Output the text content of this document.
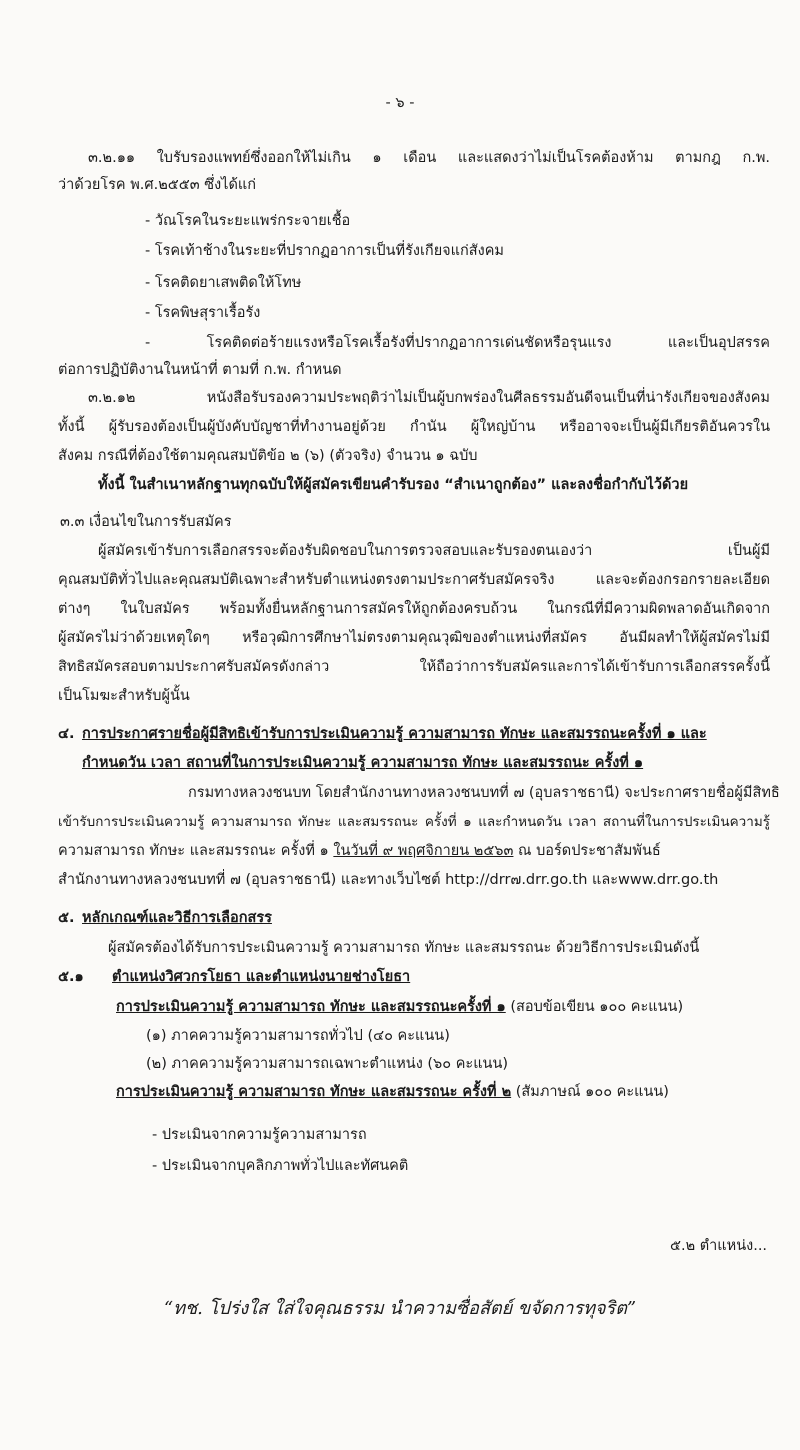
- ๖ -
๓.๒.๑๑ ใบรับรองแพทย์ซึ่งออกให้ไม่เกิน ๑ เดือน และแสดงว่าไม่เป็นโรคต้องห้าม ตามกฎ ก.พ.
ว่าด้วยโรค พ.ศ.๒๕๕๓ ซึ่งได้แก่
- วัณโรคในระยะแพร่กระจายเชื้อ
- โรคเท้าช้างในระยะที่ปรากฏอาการเป็นที่รังเกียจแก่สังคม
- โรคติดยาเสพติดให้โทษ
- โรคพิษสุราเรื้อรัง
- โรคติดต่อร้ายแรงหรือโรคเรื้อรังที่ปรากฏอาการเด่นชัดหรือรุนแรง และเป็นอุปสรรค
ต่อการปฏิบัติงานในหน้าที่ ตามที่ ก.พ. กำหนด
๓.๒.๑๒ หนังสือรับรองความประพฤติว่าไม่เป็นผู้บกพร่องในศีลธรรมอันดีจนเป็นที่น่ารังเกียจของสังคม
ทั้งนี้ ผู้รับรองต้องเป็นผู้บังคับบัญชาที่ทำงานอยู่ด้วย กำนัน ผู้ใหญ่บ้าน หรืออาจจะเป็นผู้มีเกียรติอันควรใน
สังคม กรณีที่ต้องใช้ตามคุณสมบัติข้อ ๒ (๖) (ตัวจริง) จำนวน ๑ ฉบับ
ทั้งนี้ ในสำเนาหลักฐานทุกฉบับให้ผู้สมัครเขียนคำรับรอง “สำเนาถูกต้อง” และลงชื่อกำกับไว้ด้วย
๓.๓ เงื่อนไขในการรับสมัคร
ผู้สมัครเข้ารับการเลือกสรรจะต้องรับผิดชอบในการตรวจสอบและรับรองตนเองว่า เป็นผู้มี
คุณสมบัติทั่วไปและคุณสมบัติเฉพาะสำหรับตำแหน่งตรงตามประกาศรับสมัครจริง และจะต้องกรอกรายละเอียด
ต่างๆ ในใบสมัคร พร้อมทั้งยื่นหลักฐานการสมัครให้ถูกต้องครบถ้วน ในกรณีที่มีความผิดพลาดอันเกิดจาก
ผู้สมัครไม่ว่าด้วยเหตุใดๆ หรือวุฒิการศึกษาไม่ตรงตามคุณวุฒิของตำแหน่งที่สมัคร อันมีผลทำให้ผู้สมัครไม่มี
สิทธิสมัครสอบตามประกาศรับสมัครดังกล่าว ให้ถือว่าการรับสมัครและการได้เข้ารับการเลือกสรรครั้งนี้
เป็นโมฆะสำหรับผู้นั้น
๔. การประกาศรายชื่อผู้มีสิทธิเข้ารับการประเมินความรู้ ความสามารถ ทักษะ และสมรรถนะครั้งที่ ๑ และ
กำหนดวัน เวลา สถานที่ในการประเมินความรู้ ความสามารถ ทักษะ และสมรรถนะ ครั้งที่ ๑
กรมทางหลวงชนบท โดยสำนักงานทางหลวงชนบทที่ ๗ (อุบลราชธานี) จะประกาศรายชื่อผู้มีสิทธิ
เข้ารับการประเมินความรู้ ความสามารถ ทักษะ และสมรรถนะ ครั้งที่ ๑ และกำหนดวัน เวลา สถานที่ในการประเมินความรู้
ความสามารถ ทักษะ และสมรรถนะ ครั้งที่ ๑ ในวันที่ ๙ พฤศจิกายน ๒๕๖๓ ณ บอร์ดประชาสัมพันธ์
สำนักงานทางหลวงชนบทที่ ๗ (อุบลราชธานี) และทางเว็บไซต์ http://drr๗.drr.go.th และwww.drr.go.th
๕. หลักเกณฑ์และวิธีการเลือกสรร
ผู้สมัครต้องได้รับการประเมินความรู้ ความสามารถ ทักษะ และสมรรถนะ ด้วยวิธีการประเมินดังนี้
๕.๑ ตำแหน่งวิศวกรโยธา และตำแหน่งนายช่างโยธา
การประเมินความรู้ ความสามารถ ทักษะ และสมรรถนะครั้งที่ ๑ (สอบข้อเขียน ๑๐๐ คะแนน)
(๑) ภาคความรู้ความสามารถทั่วไป (๔๐ คะแนน)
(๒) ภาคความรู้ความสามารถเฉพาะตำแหน่ง (๖๐ คะแนน)
การประเมินความรู้ ความสามารถ ทักษะ และสมรรถนะ ครั้งที่ ๒ (สัมภาษณ์ ๑๐๐ คะแนน)
- ประเมินจากความรู้ความสามารถ
- ประเมินจากบุคลิกภาพทั่วไปและทัศนคติ
๕.๒ ตำแหน่ง...
“ทช. โปร่งใส ใส่ใจคุณธรรม นำความซื่อสัตย์ ขจัดการทุจริต”
